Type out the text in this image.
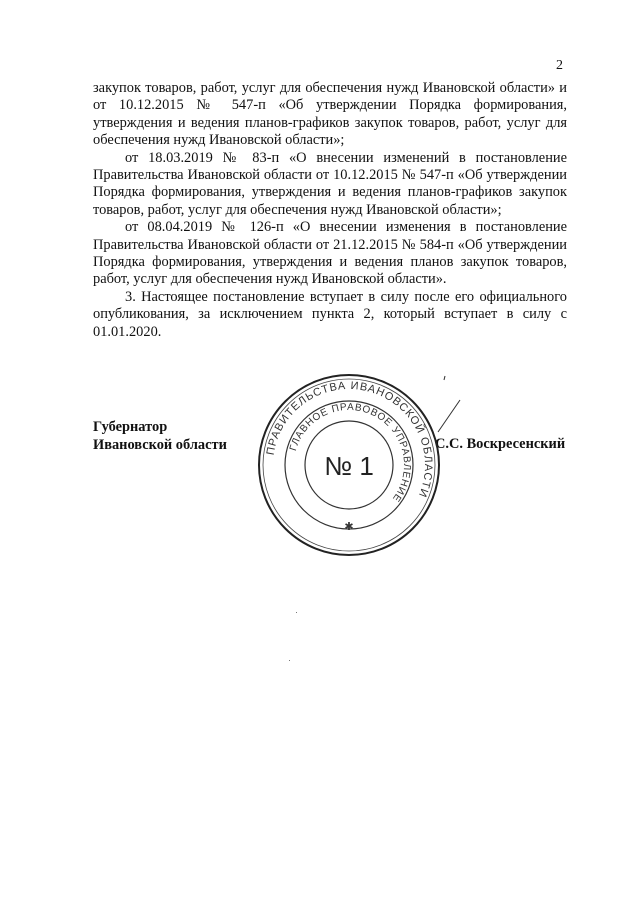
2

закупок товаров, работ, услуг для обеспечения нужд Ивановской области» и от 10.12.2015 № 547-п «Об утверждении Порядка формирования, утверждения и ведения планов-графиков закупок товаров, работ, услуг для обеспечения нужд Ивановской области»;

от 18.03.2019 № 83-п «О внесении изменений в постановление Правительства Ивановской области от 10.12.2015 № 547-п «Об утверждении Порядка формирования, утверждения и ведения планов-графиков закупок товаров, работ, услуг для обеспечения нужд Ивановской области»;

от 08.04.2019 № 126-п «О внесении изменения в постановление Правительства Ивановской области от 21.12.2015 № 584-п «Об утверждении Порядка формирования, утверждения и ведения планов закупок товаров, работ, услуг для обеспечения нужд Ивановской области».

3. Настоящее постановление вступает в силу после его официального опубликования, за исключением пункта 2, который вступает в силу с 01.01.2020.

Губернатор
Ивановской области	С.С. Воскресенский
ПРАВИТЕЛЬСТВА ИВАНОВСКОЙ ОБЛАСТИ
ГЛАВНОЕ ПРАВОВОЕ УПРАВЛЕНИЕ
№ 1
✱
